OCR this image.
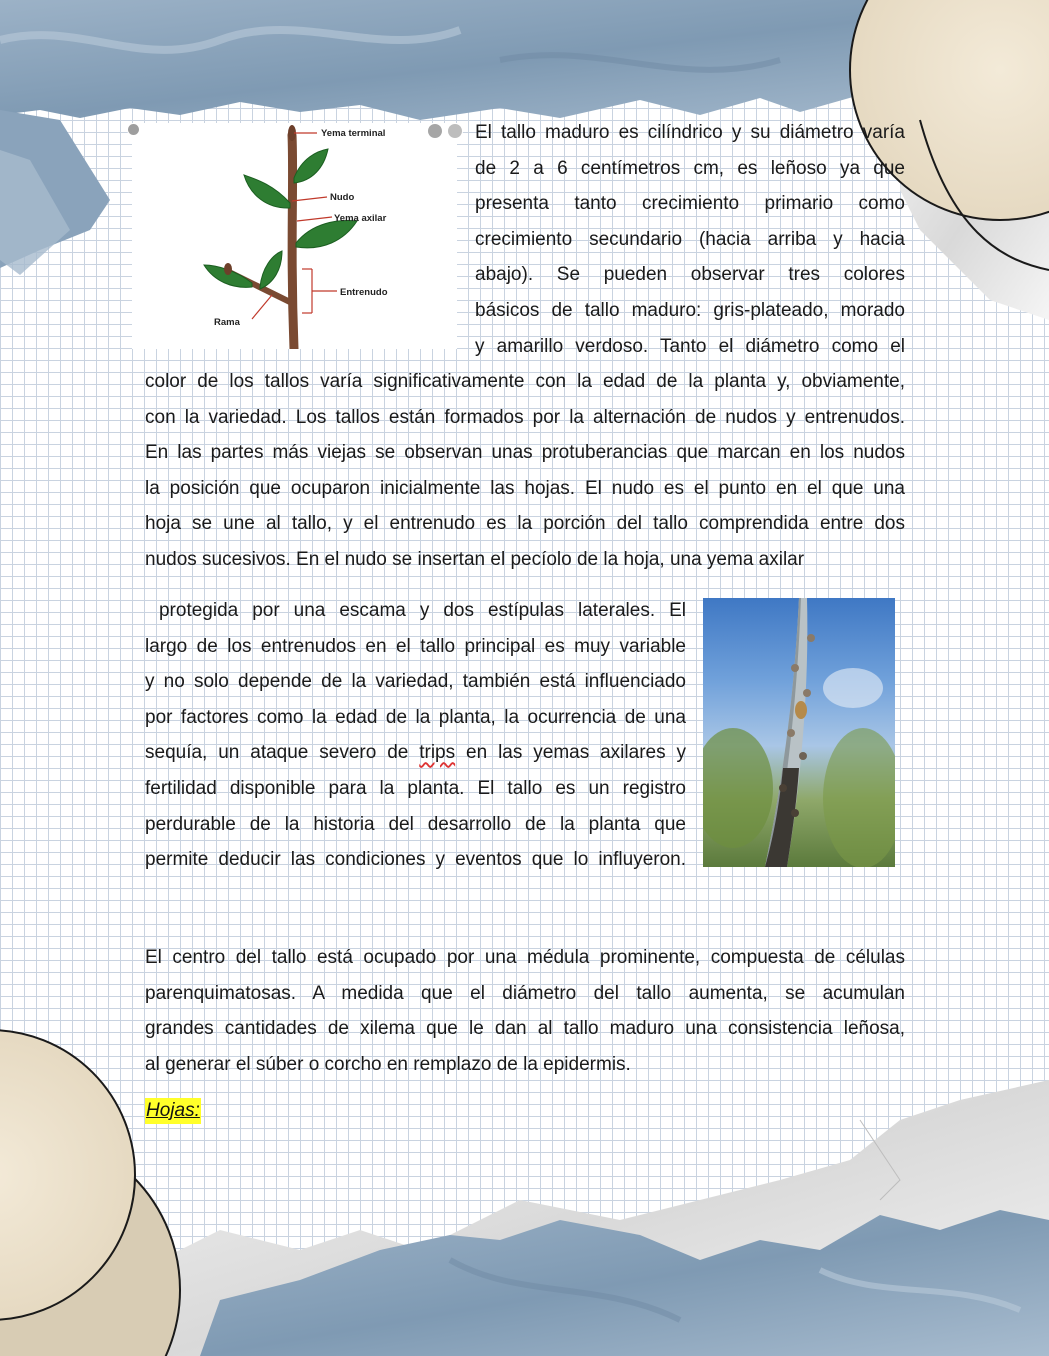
Yema terminal
Nudo
Yema axilar
Entrenudo
Rama
El tallo maduro es cilíndrico y su diámetro varía
de 2 a 6 centímetros cm, es leñoso ya que
presenta tanto crecimiento primario como
crecimiento secundario (hacia arriba y hacia
abajo). Se pueden observar tres colores
básicos de tallo maduro: gris-plateado, morado
y amarillo verdoso. Tanto el diámetro como el
color de los tallos varía significativamente con la edad de la planta y, obviamente,
con la variedad. Los tallos están formados por la alternación de nudos y entrenudos.
En las partes más viejas se observan unas protuberancias que marcan en los nudos
la posición que ocuparon inicialmente las hojas. El nudo es el punto en el que una
hoja se une al tallo, y el entrenudo es la porción del tallo comprendida entre dos
nudos sucesivos. En el nudo se insertan el pecíolo de la hoja, una yema axilar
protegida por una escama y dos estípulas laterales. El
largo de los entrenudos en el tallo principal es muy variable
y no solo depende de la variedad, también está influenciado
por factores como la edad de la planta, la ocurrencia de una
sequía, un ataque severo de trips en las yemas axilares y
fertilidad disponible para la planta. El tallo es un registro
perdurable de la historia del desarrollo de la planta que
permite deducir las condiciones y eventos que lo influyeron.
El centro del tallo está ocupado por una médula prominente, compuesta de células
parenquimatosas. A medida que el diámetro del tallo aumenta, se acumulan
grandes cantidades de xilema que le dan al tallo maduro una consistencia leñosa,
al generar el súber o corcho en remplazo de la epidermis.
Hojas:
